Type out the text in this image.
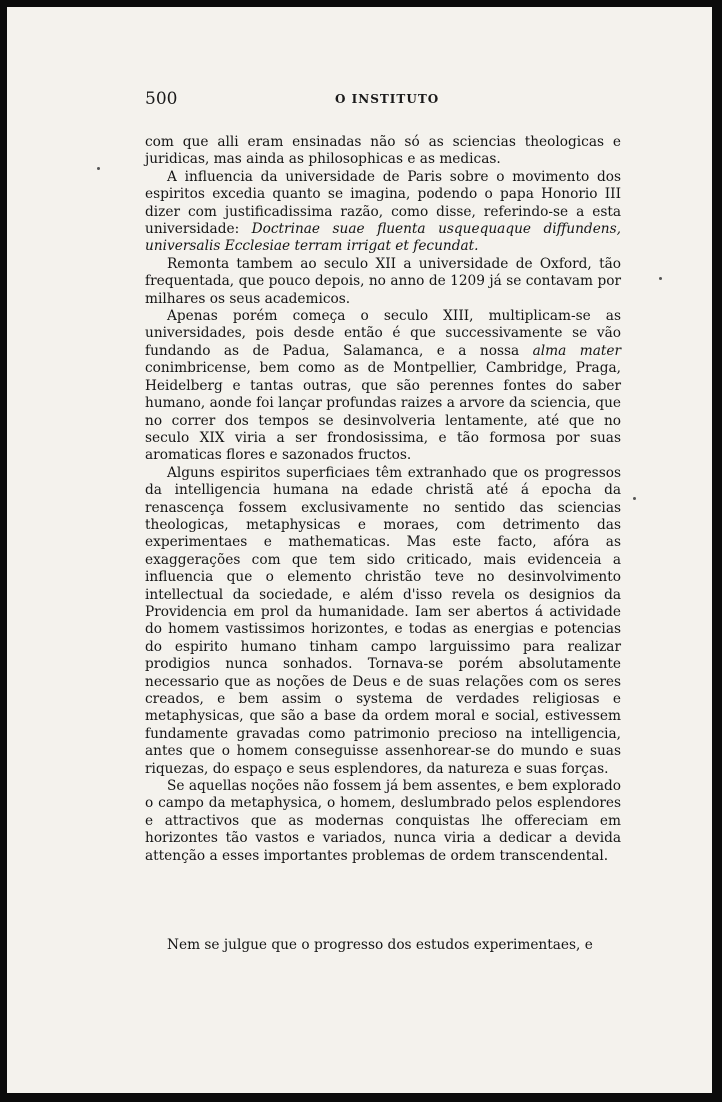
500	O INSTITUTO

com que alli eram ensinadas não só as sciencias theologicas e juridicas, mas ainda as philosophicas e as medicas.

A influencia da universidade de Paris sobre o movimento dos espiritos excedia quanto se imagina, podendo o papa Honorio III dizer com justificadissima razão, como disse, referindo-se a esta universidade: Doctrinae suae fluenta usquequaque diffundens, universalis Ecclesiae terram irrigat et fecundat.

Remonta tambem ao seculo XII a universidade de Oxford, tão frequentada, que pouco depois, no anno de 1209 já se contavam por milhares os seus academicos.

Apenas porém começa o seculo XIII, multiplicam-se as universidades, pois desde então é que successivamente se vão fundando as de Padua, Salamanca, e a nossa alma mater conimbricense, bem como as de Montpellier, Cambridge, Praga, Heidelberg e tantas outras, que são perennes fontes do saber humano, aonde foi lançar profundas raizes a arvore da sciencia, que no correr dos tempos se desinvolveria lentamente, até que no seculo XIX viria a ser frondosissima, e tão formosa por suas aromaticas flores e sazonados fructos.

Alguns espiritos superficiaes têm extranhado que os progressos da intelligencia humana na edade christã até á epocha da renascença fossem exclusivamente no sentido das sciencias theologicas, metaphysicas e moraes, com detrimento das experimentaes e mathematicas. Mas este facto, afóra as exaggerações com que tem sido criticado, mais evidenceia a influencia que o elemento christão teve no desinvolvimento intellectual da sociedade, e além d'isso revela os designios da Providencia em prol da humanidade. Iam ser abertos á actividade do homem vastissimos horizontes, e todas as energias e potencias do espirito humano tinham campo larguissimo para realizar prodigios nunca sonhados. Tornava-se porém absolutamente necessario que as noções de Deus e de suas relações com os seres creados, e bem assim o systema de verdades religiosas e metaphysicas, que são a base da ordem moral e social, estivessem fundamente gravadas como patrimonio precioso na intelligencia, antes que o homem conseguisse assenhorear-se do mundo e suas riquezas, do espaço e seus esplendores, da natureza e suas forças.

Se aquellas noções não fossem já bem assentes, e bem explorado o campo da metaphysica, o homem, deslumbrado pelos esplendores e attractivos que as modernas conquistas lhe offereciam em horizontes tão vastos e variados, nunca viria a dedicar a devida attenção a esses importantes problemas de ordem transcendental.

Nem se julgue que o progresso dos estudos experimentaes, e
